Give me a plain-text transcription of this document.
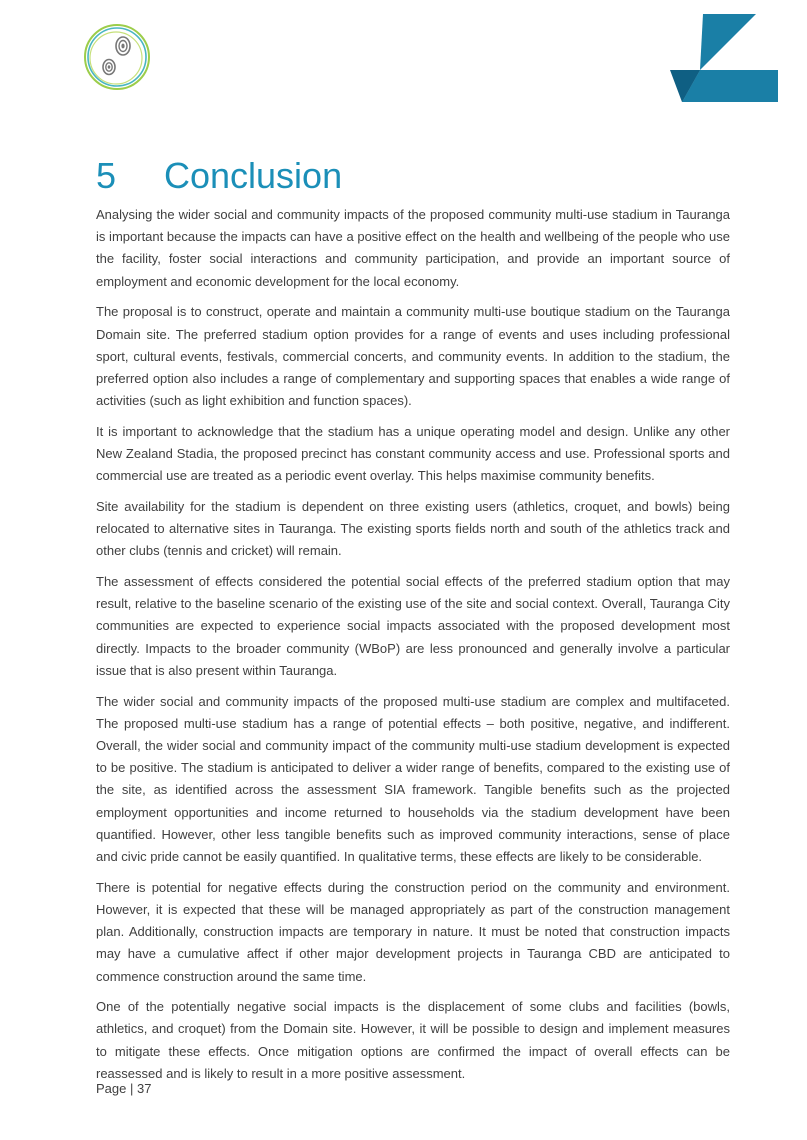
5 Conclusion

Analysing the wider social and community impacts of the proposed community multi-use stadium in Tauranga is important because the impacts can have a positive effect on the health and wellbeing of the people who use the facility, foster social interactions and community participation, and provide an important source of employment and economic development for the local economy.

The proposal is to construct, operate and maintain a community multi-use boutique stadium on the Tauranga Domain site. The preferred stadium option provides for a range of events and uses including professional sport, cultural events, festivals, commercial concerts, and community events. In addition to the stadium, the preferred option also includes a range of complementary and supporting spaces that enables a wide range of activities (such as light exhibition and function spaces).

It is important to acknowledge that the stadium has a unique operating model and design. Unlike any other New Zealand Stadia, the proposed precinct has constant community access and use. Professional sports and commercial use are treated as a periodic event overlay. This helps maximise community benefits.

Site availability for the stadium is dependent on three existing users (athletics, croquet, and bowls) being relocated to alternative sites in Tauranga. The existing sports fields north and south of the athletics track and other clubs (tennis and cricket) will remain.

The assessment of effects considered the potential social effects of the preferred stadium option that may result, relative to the baseline scenario of the existing use of the site and social context. Overall, Tauranga City communities are expected to experience social impacts associated with the proposed development most directly. Impacts to the broader community (WBoP) are less pronounced and generally involve a particular issue that is also present within Tauranga.

The wider social and community impacts of the proposed multi-use stadium are complex and multifaceted. The proposed multi-use stadium has a range of potential effects – both positive, negative, and indifferent. Overall, the wider social and community impact of the community multi-use stadium development is expected to be positive. The stadium is anticipated to deliver a wider range of benefits, compared to the existing use of the site, as identified across the assessment SIA framework. Tangible benefits such as the projected employment opportunities and income returned to households via the stadium development have been quantified. However, other less tangible benefits such as improved community interactions, sense of place and civic pride cannot be easily quantified. In qualitative terms, these effects are likely to be considerable.

There is potential for negative effects during the construction period on the community and environment. However, it is expected that these will be managed appropriately as part of the construction management plan. Additionally, construction impacts are temporary in nature. It must be noted that construction impacts may have a cumulative affect if other major development projects in Tauranga CBD are anticipated to commence construction around the same time.

One of the potentially negative social impacts is the displacement of some clubs and facilities (bowls, athletics, and croquet) from the Domain site. However, it will be possible to design and implement measures to mitigate these effects. Once mitigation options are confirmed the impact of overall effects can be reassessed and is likely to result in a more positive assessment.

Page | 37
